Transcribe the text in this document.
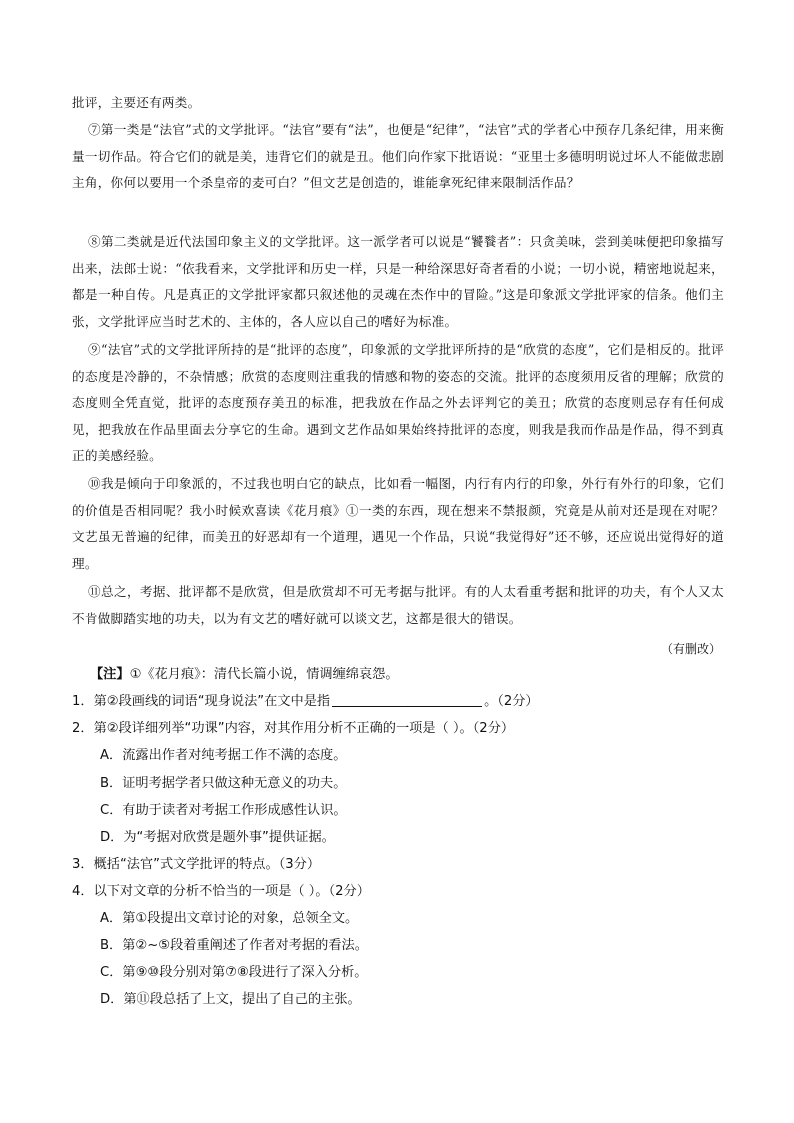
批评，主要还有两类。

⑦第一类是“法官”式的文学批评。“法官”要有“法”，也便是“纪律”，“法官”式的学者心中预存几条纪律，用来衡量一切作品。符合它们的就是美，违背它们的就是丑。他们向作家下批语说：“亚里士多德明明说过坏人不能做悲剧主角，你何以要用一个杀皇帝的麦可白？”但文艺是创造的，谁能拿死纪律来限制活作品？

⑧第二类就是近代法国印象主义的文学批评。这一派学者可以说是“饕餮者”：只贪美味，尝到美味便把印象描写出来，法郎士说：“依我看来，文学批评和历史一样，只是一种给深思好奇者看的小说；一切小说，精密地说起来，都是一种自传。凡是真正的文学批评家都只叙述他的灵魂在杰作中的冒险。”这是印象派文学批评家的信条。他们主张，文学批评应当时艺术的、主体的，各人应以自己的嗜好为标准。

⑨“法官”式的文学批评所持的是“批评的态度”，印象派的文学批评所持的是“欣赏的态度”，它们是相反的。批评的态度是冷静的，不杂情感；欣赏的态度则注重我的情感和物的姿态的交流。批评的态度须用反省的理解；欣赏的态度则全凭直觉，批评的态度预存美丑的标准，把我放在作品之外去评判它的美丑；欣赏的态度则忌存有任何成见，把我放在作品里面去分享它的生命。遇到文艺作品如果始终持批评的态度，则我是我而作品是作品，得不到真正的美感经验。

⑩我是倾向于印象派的，不过我也明白它的缺点，比如看一幅图，内行有内行的印象，外行有外行的印象，它们的价值是否相同呢？我小时候欢喜读《花月痕》①一类的东西，现在想来不禁报颜，究竟是从前对还是现在对呢？文艺虽无普遍的纪律，而美丑的好恶却有一个道理，遇见一个作品，只说“我觉得好”还不够，还应说出觉得好的道理。

⑪总之，考据、批评都不是欣赏，但是欣赏却不可无考据与批评。有的人太看重考据和批评的功夫，有个人又太不肯做脚踏实地的功夫，以为有文艺的嗜好就可以谈文艺，这都是很大的错误。

（有删改）

【注】①《花月痕》：清代长篇小说，情调缠绵哀怨。

1．第②段画线的词语“现身说法”在文中是指	。（2分）

2．第②段详细列举“功课”内容，对其作用分析不正确的一项是（ ）。（2分）

A．流露出作者对纯考据工作不满的态度。

B．证明考据学者只做这种无意义的功夫。

C．有助于读者对考据工作形成感性认识。

D．为“考据对欣赏是题外事”提供证据。

3．概括“法官”式文学批评的特点。（3分）

4．以下对文章的分析不恰当的一项是（ ）。（2分）

A．第①段提出文章讨论的对象，总领全文。

B．第②~⑤段着重阐述了作者对考据的看法。

C．第⑨⑩段分别对第⑦⑧段进行了深入分析。

D．第⑪段总括了上文，提出了自己的主张。
